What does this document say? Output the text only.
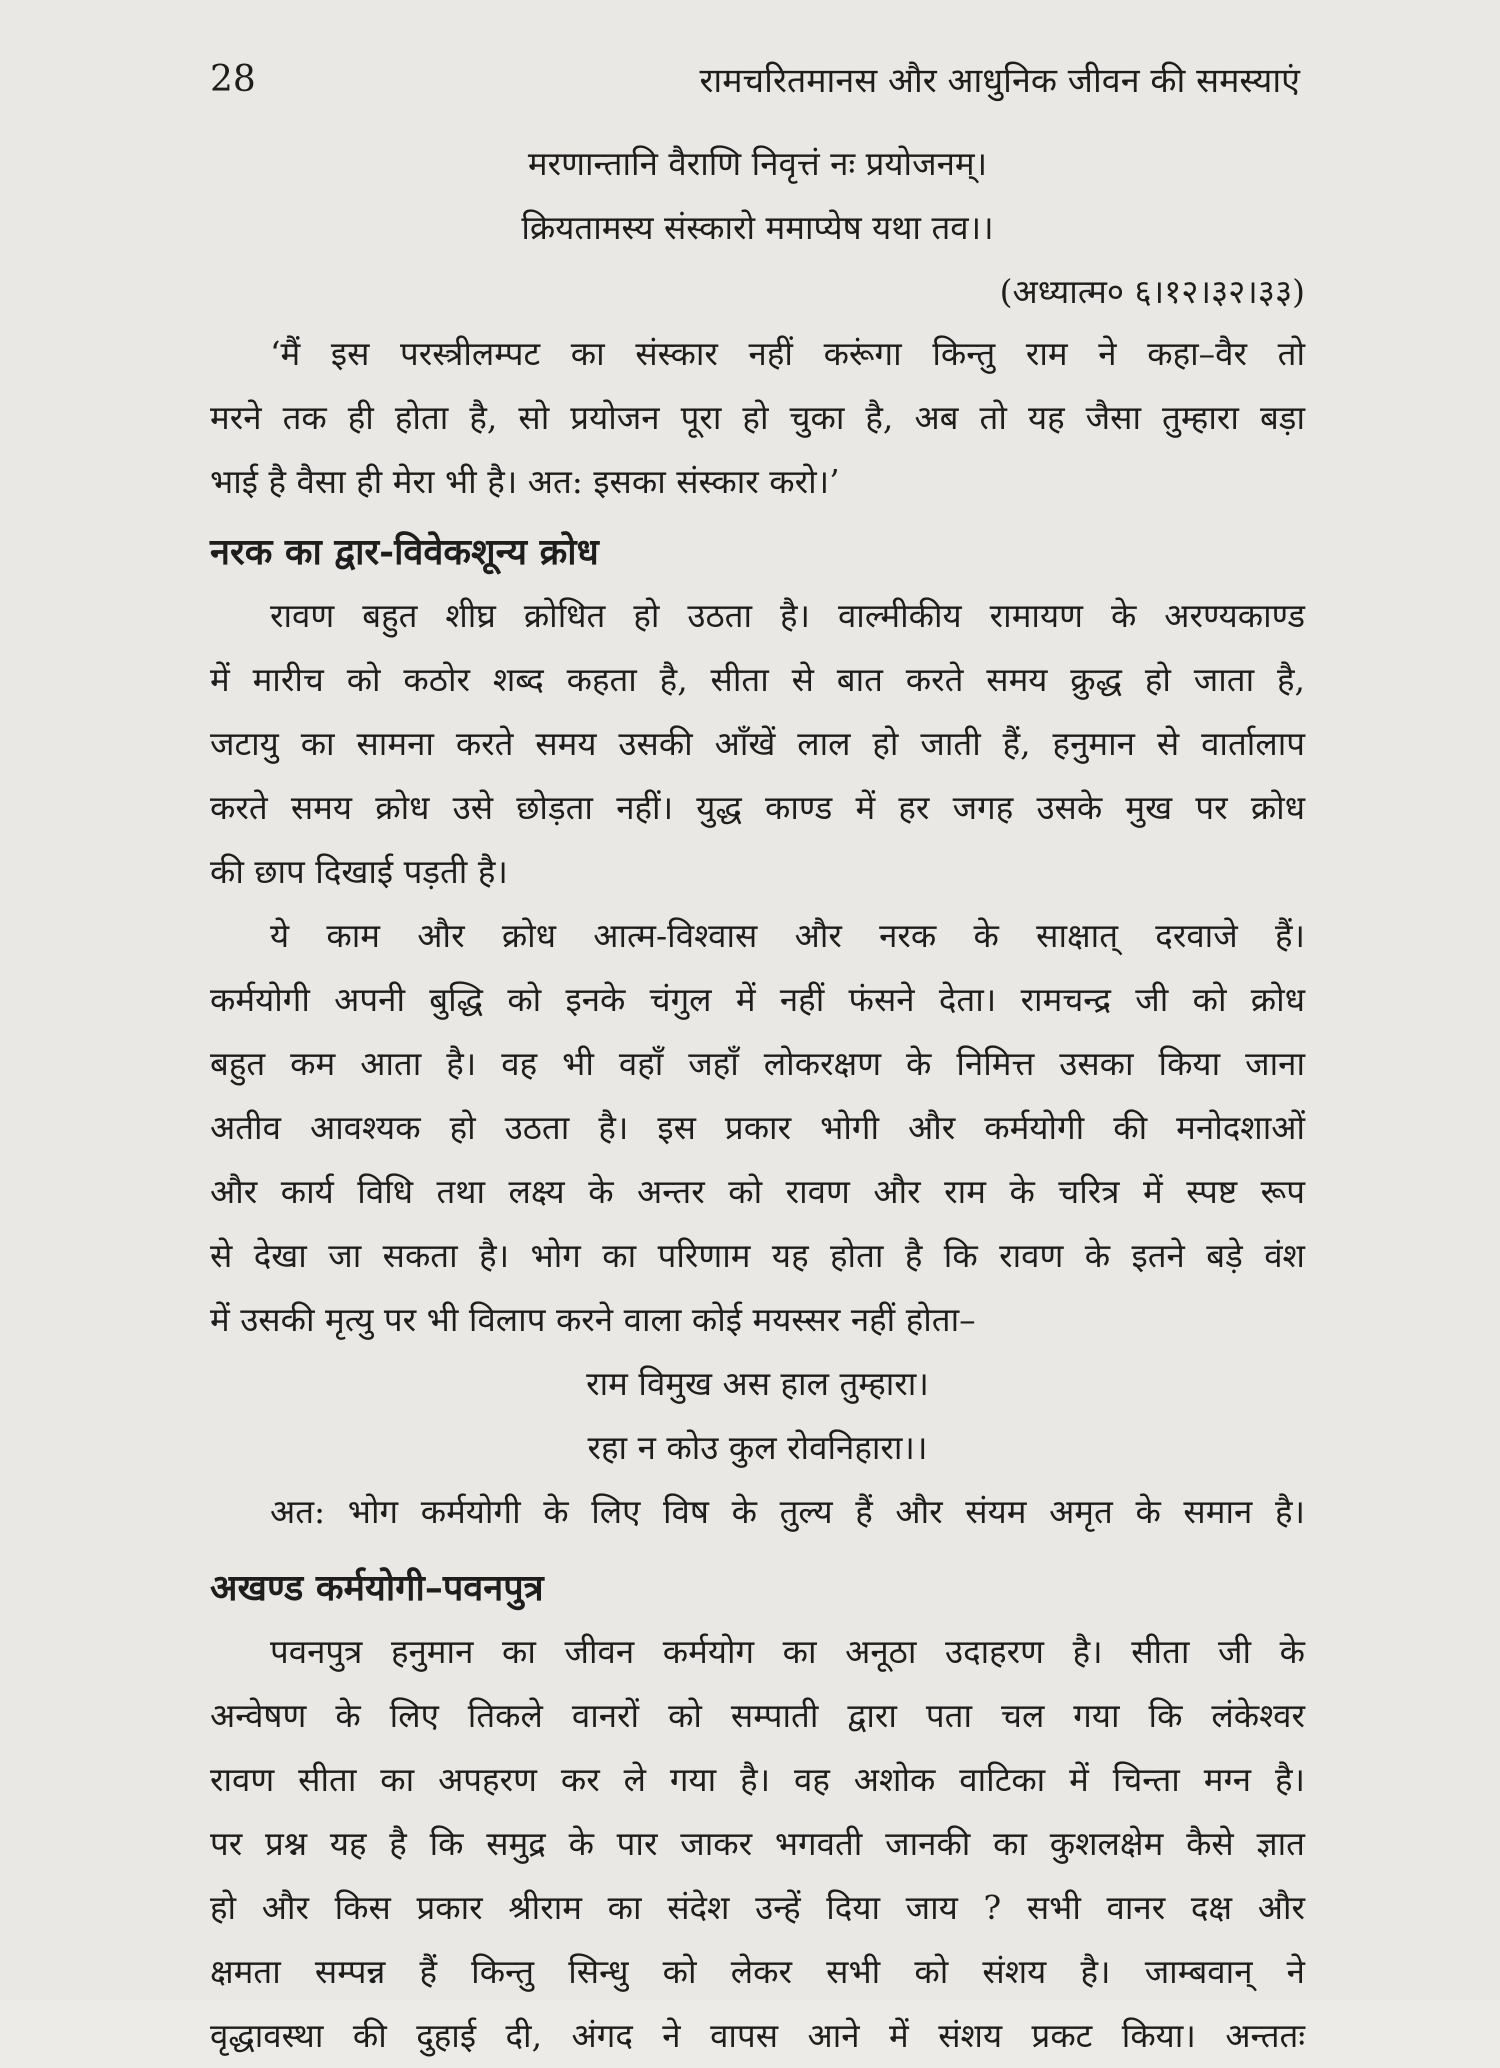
28	रामचरितमानस और आधुनिक जीवन की समस्याएं

मरणान्तानि वैराणि निवृत्तं नः प्रयोजनम्।

क्रियतामस्य संस्कारो ममाप्येष यथा तव।।

(अध्यात्म० ६।१२।३२।३३)

‘मैं इस परस्त्रीलम्पट का संस्कार नहीं करूंगा किन्तु राम ने कहा–वैर तो

मरने तक ही होता है, सो प्रयोजन पूरा हो चुका है, अब तो यह जैसा तुम्हारा बड़ा

भाई है वैसा ही मेरा भी है। अत: इसका संस्कार करो।’

नरक का द्वार-विवेकशून्य क्रोध

रावण बहुत शीघ्र क्रोधित हो उठता है। वाल्मीकीय रामायण के अरण्यकाण्ड

में मारीच को कठोर शब्द कहता है, सीता से बात करते समय क्रुद्ध हो जाता है,

जटायु का सामना करते समय उसकी आँखें लाल हो जाती हैं, हनुमान से वार्तालाप

करते समय क्रोध उसे छोड़ता नहीं। युद्ध काण्ड में हर जगह उसके मुख पर क्रोध

की छाप दिखाई पड़ती है।

ये काम और क्रोध आत्म-विश्वास और नरक के साक्षात् दरवाजे हैं।

कर्मयोगी अपनी बुद्धि को इनके चंगुल में नहीं फंसने देता। रामचन्द्र जी को क्रोध

बहुत कम आता है। वह भी वहाँ जहाँ लोकरक्षण के निमित्त उसका किया जाना

अतीव आवश्यक हो उठता है। इस प्रकार भोगी और कर्मयोगी की मनोदशाओं

और कार्य विधि तथा लक्ष्य के अन्तर को रावण और राम के चरित्र में स्पष्ट रूप

से देखा जा सकता है। भोग का परिणाम यह होता है कि रावण के इतने बड़े वंश

में उसकी मृत्यु पर भी विलाप करने वाला कोई मयस्सर नहीं होता–

राम विमुख अस हाल तुम्हारा।

रहा न कोउ कुल रोवनिहारा।।

अत: भोग कर्मयोगी के लिए विष के तुल्य हैं और संयम अमृत के समान है।

अखण्ड कर्मयोगी–पवनपुत्र

पवनपुत्र हनुमान का जीवन कर्मयोग का अनूठा उदाहरण है। सीता जी के

अन्वेषण के लिए तिकले वानरों को सम्पाती द्वारा पता चल गया कि लंकेश्वर

रावण सीता का अपहरण कर ले गया है। वह अशोक वाटिका में चिन्ता मग्न है।

पर प्रश्न यह है कि समुद्र के पार जाकर भगवती जानकी का कुशलक्षेम कैसे ज्ञात

हो और किस प्रकार श्रीराम का संदेश उन्हें दिया जाय ? सभी वानर दक्ष और

क्षमता सम्पन्न हैं किन्तु सिन्धु को लेकर सभी को संशय है। जाम्बवान् ने

वृद्धावस्था की दुहाई दी, अंगद ने वापस आने में संशय प्रकट किया। अन्ततः
